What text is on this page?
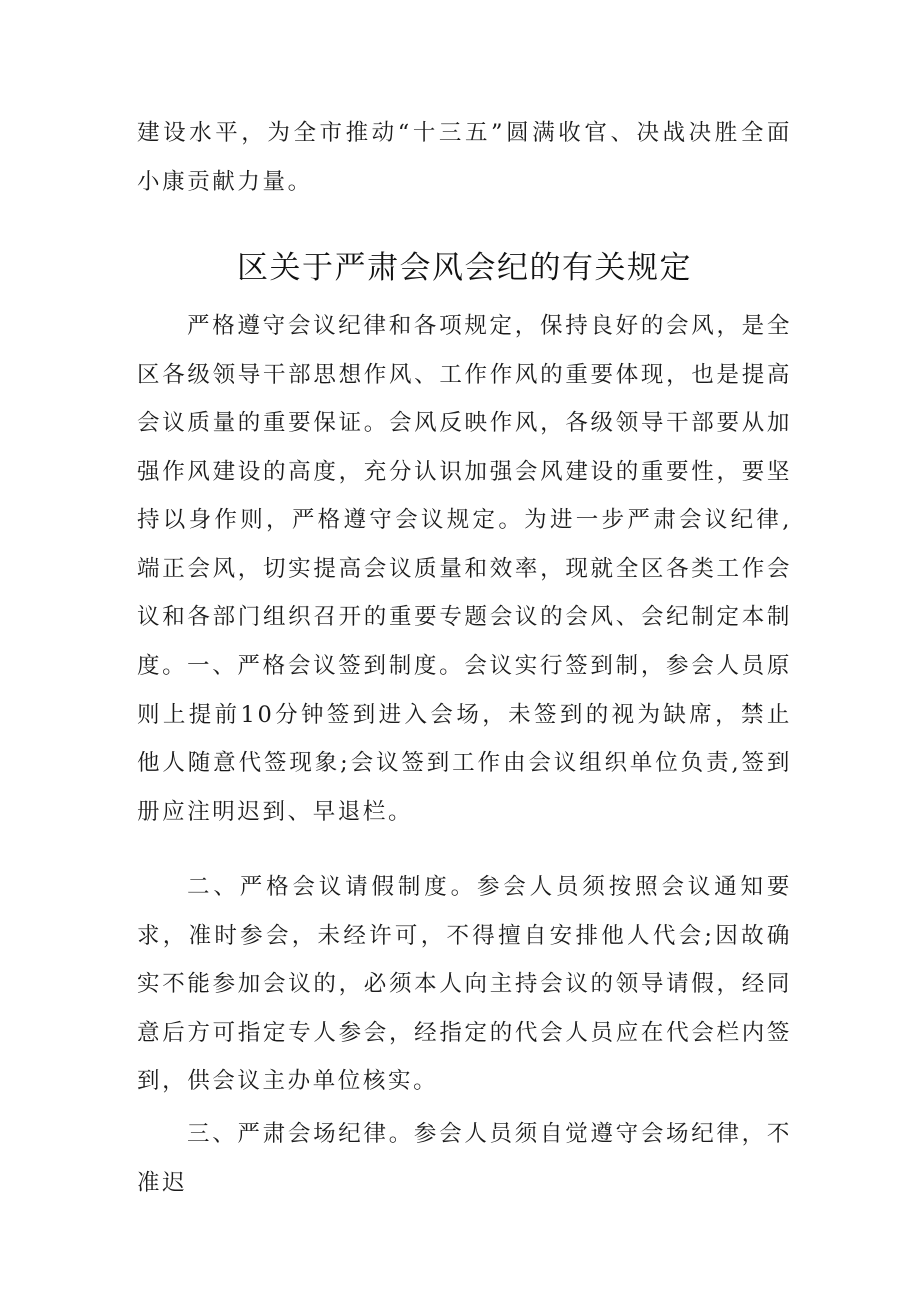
建设水平，为全市推动“十三五”圆满收官、决战决胜全面小康贡献力量。

区关于严肃会风会纪的有关规定

严格遵守会议纪律和各项规定，保持良好的会风，是全区各级领导干部思想作风、工作作风的重要体现，也是提高会议质量的重要保证。会风反映作风，各级领导干部要从加强作风建设的高度，充分认识加强会风建设的重要性，要坚持以身作则，严格遵守会议规定。为进一步严肃会议纪律,端正会风，切实提高会议质量和效率，现就全区各类工作会议和各部门组织召开的重要专题会议的会风、会纪制定本制度。 一、严格会议签到制度。会议实行签到制，参会人员原则上提前10分钟签到进入会场，未签到的视为缺席，禁止他人随意代签现象;会议签到工作由会议组织单位负责,签到册应注明迟到、早退栏。

二、严格会议请假制度。参会人员须按照会议通知要求，准时参会，未经许可，不得擅自安排他人代会;因故确实不能参加会议的，必须本人向主持会议的领导请假，经同意后方可指定专人参会，经指定的代会人员应在代会栏内签到，供会议主办单位核实。

三、严肃会场纪律。参会人员须自觉遵守会场纪律，不准迟
